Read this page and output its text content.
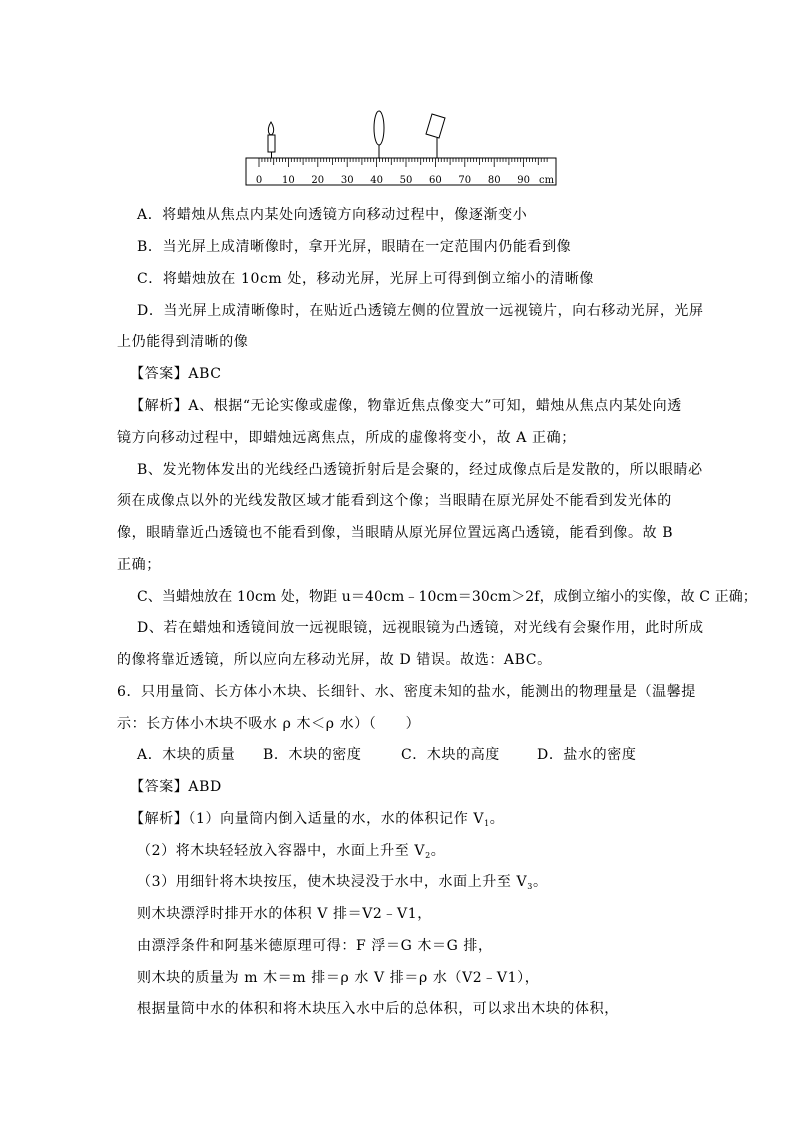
0 10 20 30 40 50 60 70 80 90 cm
A．将蜡烛从焦点内某处向透镜方向移动过程中，像逐渐变小
B．当光屏上成清晰像时，拿开光屏，眼睛在一定范围内仍能看到像
C．将蜡烛放在 10cm 处，移动光屏，光屏上可得到倒立缩小的清晰像
D．当光屏上成清晰像时，在贴近凸透镜左侧的位置放一远视镜片，向右移动光屏，光屏
上仍能得到清晰的像
【答案】ABC
【解析】A、根据“无论实像或虚像，物靠近焦点像变大”可知，蜡烛从焦点内某处向透
镜方向移动过程中，即蜡烛远离焦点，所成的虚像将变小，故 A 正确；
B、发光物体发出的光线经凸透镜折射后是会聚的，经过成像点后是发散的，所以眼睛必
须在成像点以外的光线发散区域才能看到这个像；当眼睛在原光屏处不能看到发光体的
像，眼睛靠近凸透镜也不能看到像，当眼睛从原光屏位置远离凸透镜，能看到像。故 B
正确；
C、当蜡烛放在 10cm 处，物距 u＝40cm﹣10cm＝30cm＞2f，成倒立缩小的实像，故 C 正确；
D、若在蜡烛和透镜间放一远视眼镜，远视眼镜为凸透镜，对光线有会聚作用，此时所成
的像将靠近透镜，所以应向左移动光屏，故 D 错误。故选：ABC。
6．只用量筒、长方体小木块、长细针、水、密度未知的盐水，能测出的物理量是（温馨提
示：长方体小木块不吸水 ρ 木＜ρ 水）（　　）
A．木块的质量 B．木块的密度	C．木块的高度	D．盐水的密度
【答案】ABD
【解析】（1）向量筒内倒入适量的水，水的体积记作 $V_1$。
（2）将木块轻轻放入容器中，水面上升至 $V_2$。
（3）用细针将木块按压，使木块浸没于水中，水面上升至 $V_3$。
则木块漂浮时排开水的体积 V 排＝V2﹣V1，
由漂浮条件和阿基米德原理可得：F 浮＝G 木＝G 排，
则木块的质量为 m 木＝m 排＝ρ 水 V 排＝ρ 水（V2﹣V1），
根据量筒中水的体积和将木块压入水中后的总体积，可以求出木块的体积，
